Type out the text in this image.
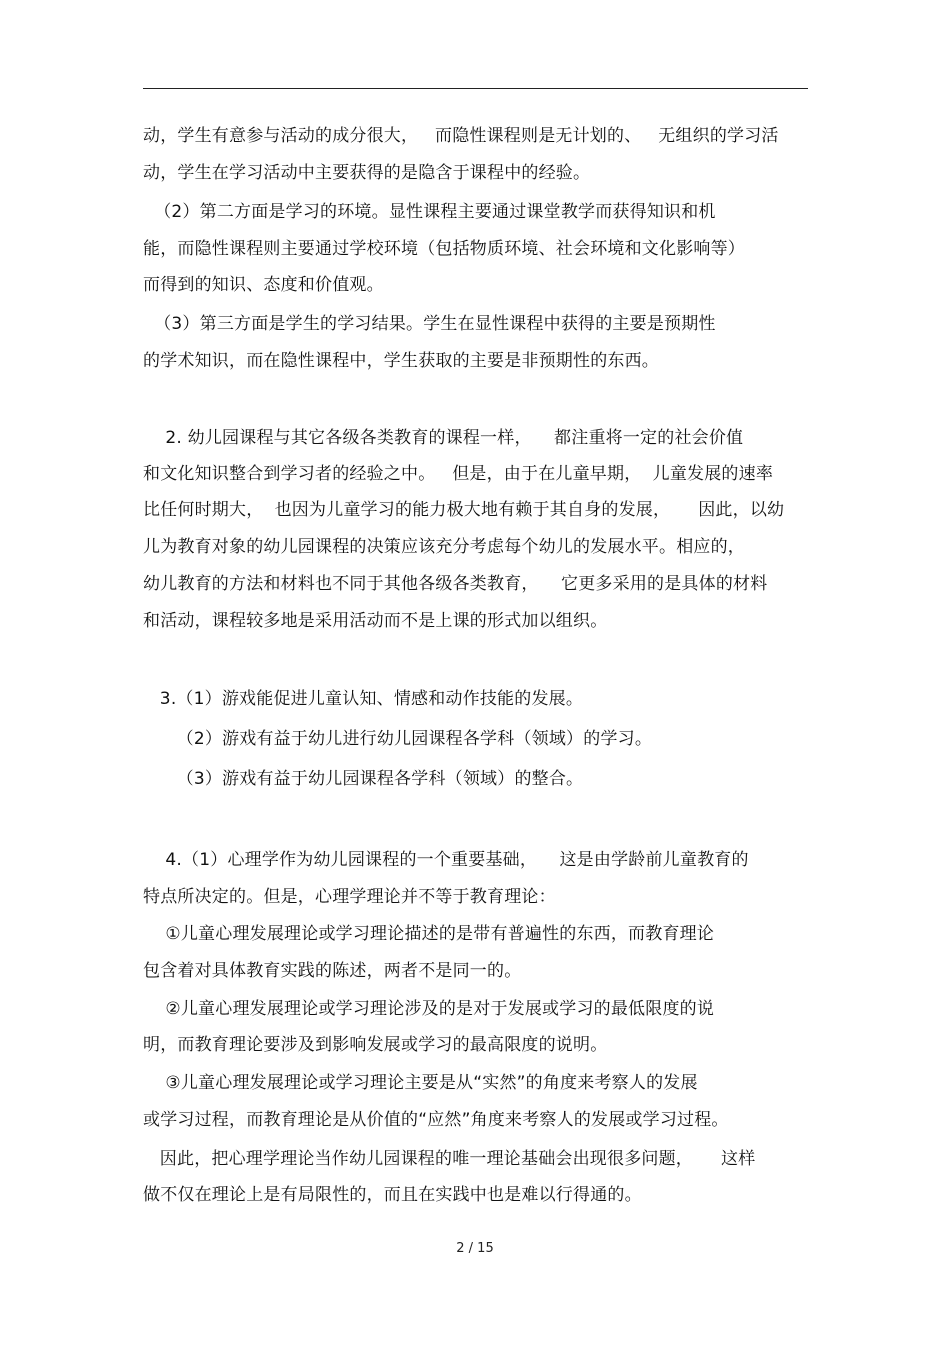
动，学生有意参与活动的成分很大，   而隐性课程则是无计划的、   无组织的学习活
动，学生在学习活动中主要获得的是隐含于课程中的经验。
（2）第二方面是学习的环境。显性课程主要通过课堂教学而获得知识和机
能，而隐性课程则主要通过学校环境（包括物质环境、社会环境和文化影响等）
而得到的知识、态度和价值观。
（3）第三方面是学生的学习结果。学生在显性课程中获得的主要是预期性
的学术知识，而在隐性课程中，学生获取的主要是非预期性的东西。
2. 幼儿园课程与其它各级各类教育的课程一样，    都注重将一定的社会价值
和文化知识整合到学习者的经验之中。   但是，由于在儿童早期，  儿童发展的速率
比任何时期大，  也因为儿童学习的能力极大地有赖于其自身的发展，     因此，以幼
儿为教育对象的幼儿园课程的决策应该充分考虑每个幼儿的发展水平。相应的，
幼儿教育的方法和材料也不同于其他各级各类教育，    它更多采用的是具体的材料
和活动，课程较多地是采用活动而不是上课的形式加以组织。
3.（1）游戏能促进儿童认知、情感和动作技能的发展。
（2）游戏有益于幼儿进行幼儿园课程各学科（领域）的学习。
（3）游戏有益于幼儿园课程各学科（领域）的整合。
4.（1）心理学作为幼儿园课程的一个重要基础，    这是由学龄前儿童教育的
特点所决定的。但是，心理学理论并不等于教育理论：
①儿童心理发展理论或学习理论描述的是带有普遍性的东西，而教育理论
包含着对具体教育实践的陈述，两者不是同一的。
②儿童心理发展理论或学习理论涉及的是对于发展或学习的最低限度的说
明，而教育理论要涉及到影响发展或学习的最高限度的说明。
③儿童心理发展理论或学习理论主要是从“实然”的角度来考察人的发展
或学习过程，而教育理论是从价值的“应然”角度来考察人的发展或学习过程。
因此，把心理学理论当作幼儿园课程的唯一理论基础会出现很多问题，     这样
做不仅在理论上是有局限性的，而且在实践中也是难以行得通的。
2 / 15
